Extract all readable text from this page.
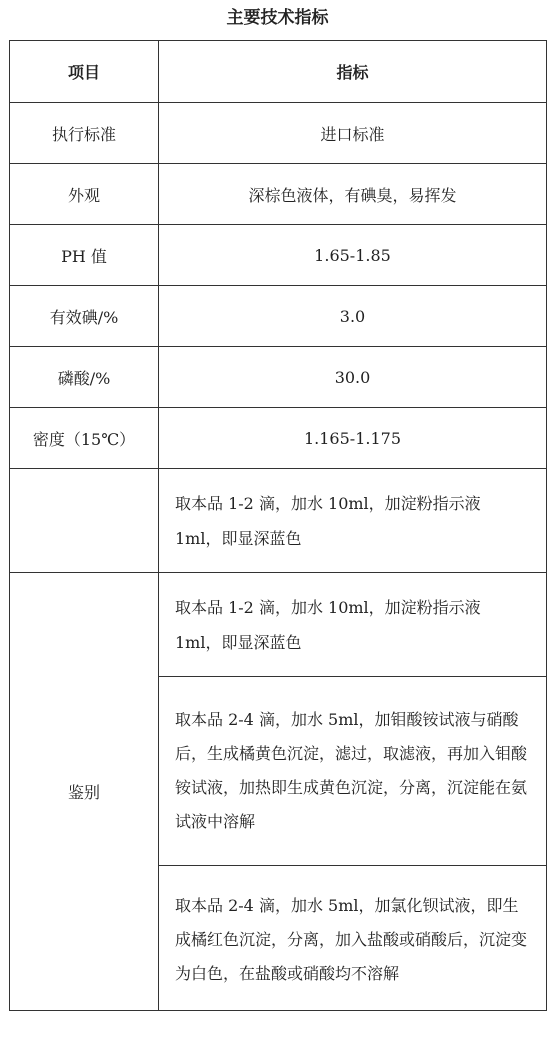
主要技术指标
项目	指标
执行标准	进口标准
外观	深棕色液体，有碘臭，易挥发
PH 值	1.65-1.85
有效碘/%	3.0
磷酸/%	30.0
密度（15℃）	1.165-1.175
	取本品 1-2 滴，加水 10ml，加淀粉指示液 1ml，即显深蓝色
鉴别	取本品 1-2 滴，加水 10ml，加淀粉指示液 1ml，即显深蓝色
	取本品 2-4 滴，加水 5ml，加钼酸铵试液与硝酸后，生成橘黄色沉淀，滤过，取滤液，再加入钼酸铵试液，加热即生成黄色沉淀，分离，沉淀能在氨试液中溶解
	取本品 2-4 滴，加水 5ml，加氯化钡试液，即生成橘红色沉淀，分离，加入盐酸或硝酸后，沉淀变为白色，在盐酸或硝酸均不溶解
